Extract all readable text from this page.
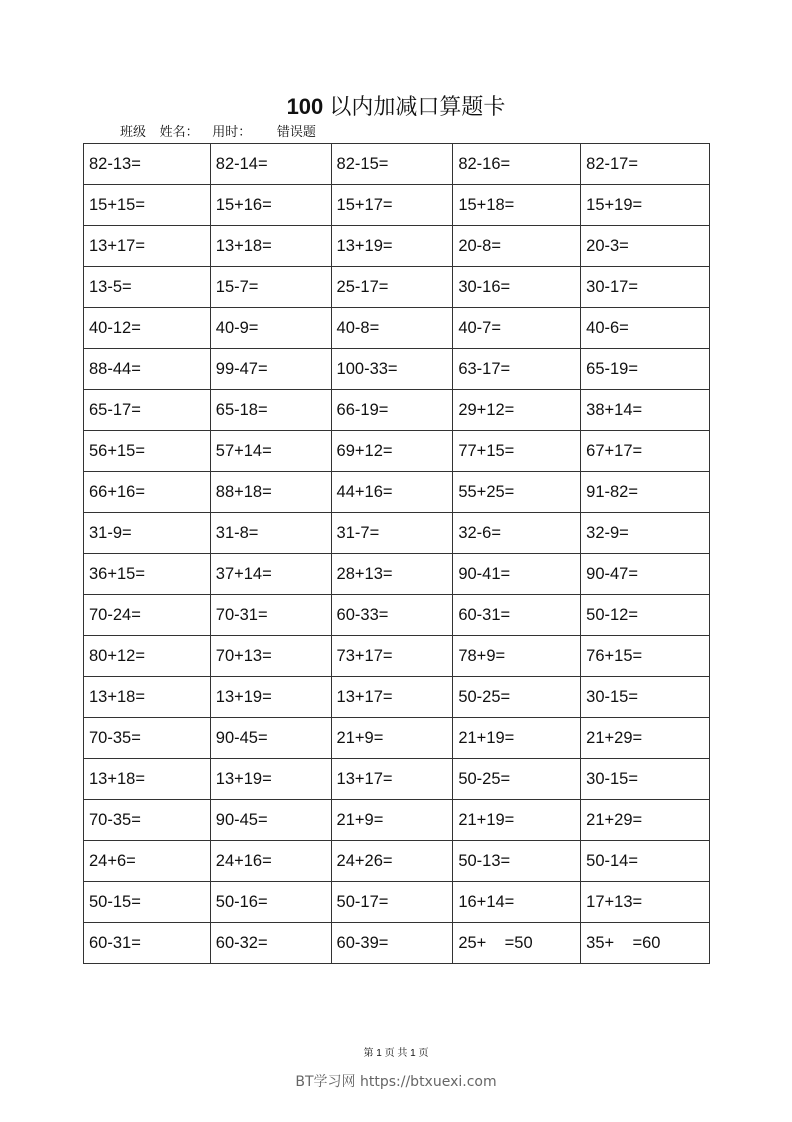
100 以内加减口算题卡
班级 姓名： 用时： 错误题
82-13=	82-14=	82-15=	82-16=	82-17=
15+15=	15+16=	15+17=	15+18=	15+19=
13+17=	13+18=	13+19=	20-8=	20-3=
13-5=	15-7=	25-17=	30-16=	30-17=
40-12=	40-9=	40-8=	40-7=	40-6=
88-44=	99-47=	100-33=	63-17=	65-19=
65-17=	65-18=	66-19=	29+12=	38+14=
56+15=	57+14=	69+12=	77+15=	67+17=
66+16=	88+18=	44+16=	55+25=	91-82=
31-9=	31-8=	31-7=	32-6=	32-9=
36+15=	37+14=	28+13=	90-41=	90-47=
70-24=	70-31=	60-33=	60-31=	50-12=
80+12=	70+13=	73+17=	78+9=	76+15=
13+18=	13+19=	13+17=	50-25=	30-15=
70-35=	90-45=	21+9=	21+19=	21+29=
13+18=	13+19=	13+17=	50-25=	30-15=
70-35=	90-45=	21+9=	21+19=	21+29=
24+6=	24+16=	24+26=	50-13=	50-14=
50-15=	50-16=	50-17=	16+14=	17+13=
60-31=	60-32=	60-39=	25+    =50	35+    =60
第 1 页 共 1 页
BT学习网 https://btxuexi.com
